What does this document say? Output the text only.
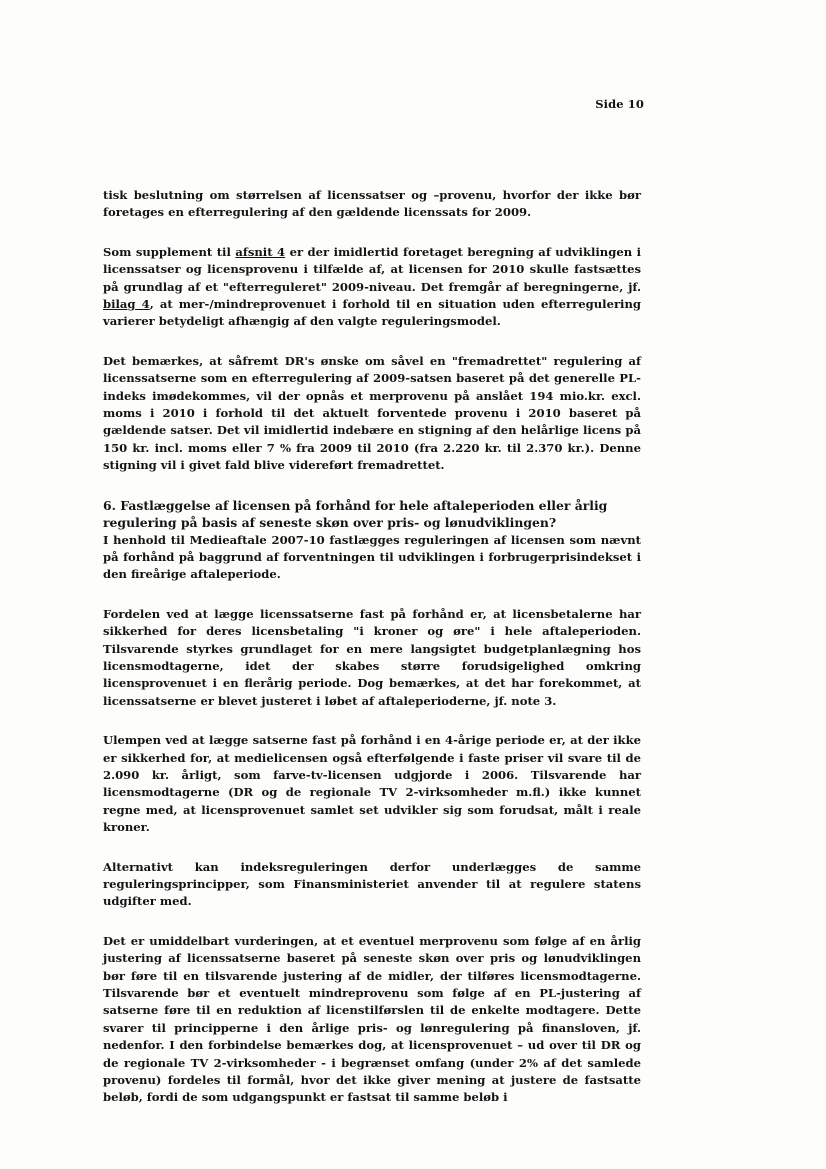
Side 10

tisk beslutning om størrelsen af licenssatser og –provenu, hvorfor der ikke bør foretages en efterregulering af den gældende licenssats for 2009.

Som supplement til afsnit 4 er der imidlertid foretaget beregning af udviklingen i licenssatser og licensprovenu i tilfælde af, at licensen for 2010 skulle fastsættes på grundlag af et "efterreguleret" 2009-niveau. Det fremgår af beregningerne, jf. bilag 4, at mer-/mindreprovenuet i forhold til en situation uden efterregulering varierer betydeligt afhængig af den valgte reguleringsmodel.

Det bemærkes, at såfremt DR's ønske om såvel en "fremadrettet" regulering af licenssatserne som en efterregulering af 2009-satsen baseret på det generelle PL-indeks imødekommes, vil der opnås et merprovenu på anslået 194 mio.kr. excl. moms i 2010 i forhold til det aktuelt forventede provenu i 2010 baseret på gældende satser. Det vil imidlertid indebære en stigning af den helårlige licens på 150 kr. incl. moms eller 7 % fra 2009 til 2010 (fra 2.220 kr. til 2.370 kr.). Denne stigning vil i givet fald blive videreført fremadrettet.

6. Fastlæggelse af licensen på forhånd for hele aftaleperioden eller årlig regulering på basis af seneste skøn over pris- og lønudviklingen?

I henhold til Medieaftale 2007-10 fastlægges reguleringen af licensen som nævnt på forhånd på baggrund af forventningen til udviklingen i forbrugerprisindekset i den fireårige aftaleperiode.

Fordelen ved at lægge licenssatserne fast på forhånd er, at licensbetalerne har sikkerhed for deres licensbetaling "i kroner og øre" i hele aftaleperioden. Tilsvarende styrkes grundlaget for en mere langsigtet budgetplanlægning hos licensmodtagerne, idet der skabes større forudsigelighed omkring licensprovenuet i en flerårig periode. Dog bemærkes, at det har forekommet, at licenssatserne er blevet justeret i løbet af aftaleperioderne, jf. note 3.

Ulempen ved at lægge satserne fast på forhånd i en 4-årige periode er, at der ikke er sikkerhed for, at medielicensen også efterfølgende i faste priser vil svare til de 2.090 kr. årligt, som farve-tv-licensen udgjorde i 2006. Tilsvarende har licensmodtagerne (DR og de regionale TV 2-virksomheder m.fl.) ikke kunnet regne med, at licensprovenuet samlet set udvikler sig som forudsat, målt i reale kroner.

Alternativt kan indeksreguleringen derfor underlægges de samme reguleringsprincipper, som Finansministeriet anvender til at regulere statens udgifter med.

Det er umiddelbart vurderingen, at et eventuel merprovenu som følge af en årlig justering af licenssatserne baseret på seneste skøn over pris og lønudviklingen bør føre til en tilsvarende justering af de midler, der tilføres licensmodtagerne. Tilsvarende bør et eventuelt mindreprovenu som følge af en PL-justering af satserne føre til en reduktion af licenstilførslen til de enkelte modtagere. Dette svarer til principperne i den årlige pris- og lønregulering på finansloven, jf. nedenfor. I den forbindelse bemærkes dog, at licensprovenuet – ud over til DR og de regionale TV 2-virksomheder - i begrænset omfang (under 2% af det samlede provenu) fordeles til formål, hvor det ikke giver mening at justere de fastsatte beløb, fordi de som udgangspunkt er fastsat til samme beløb i
